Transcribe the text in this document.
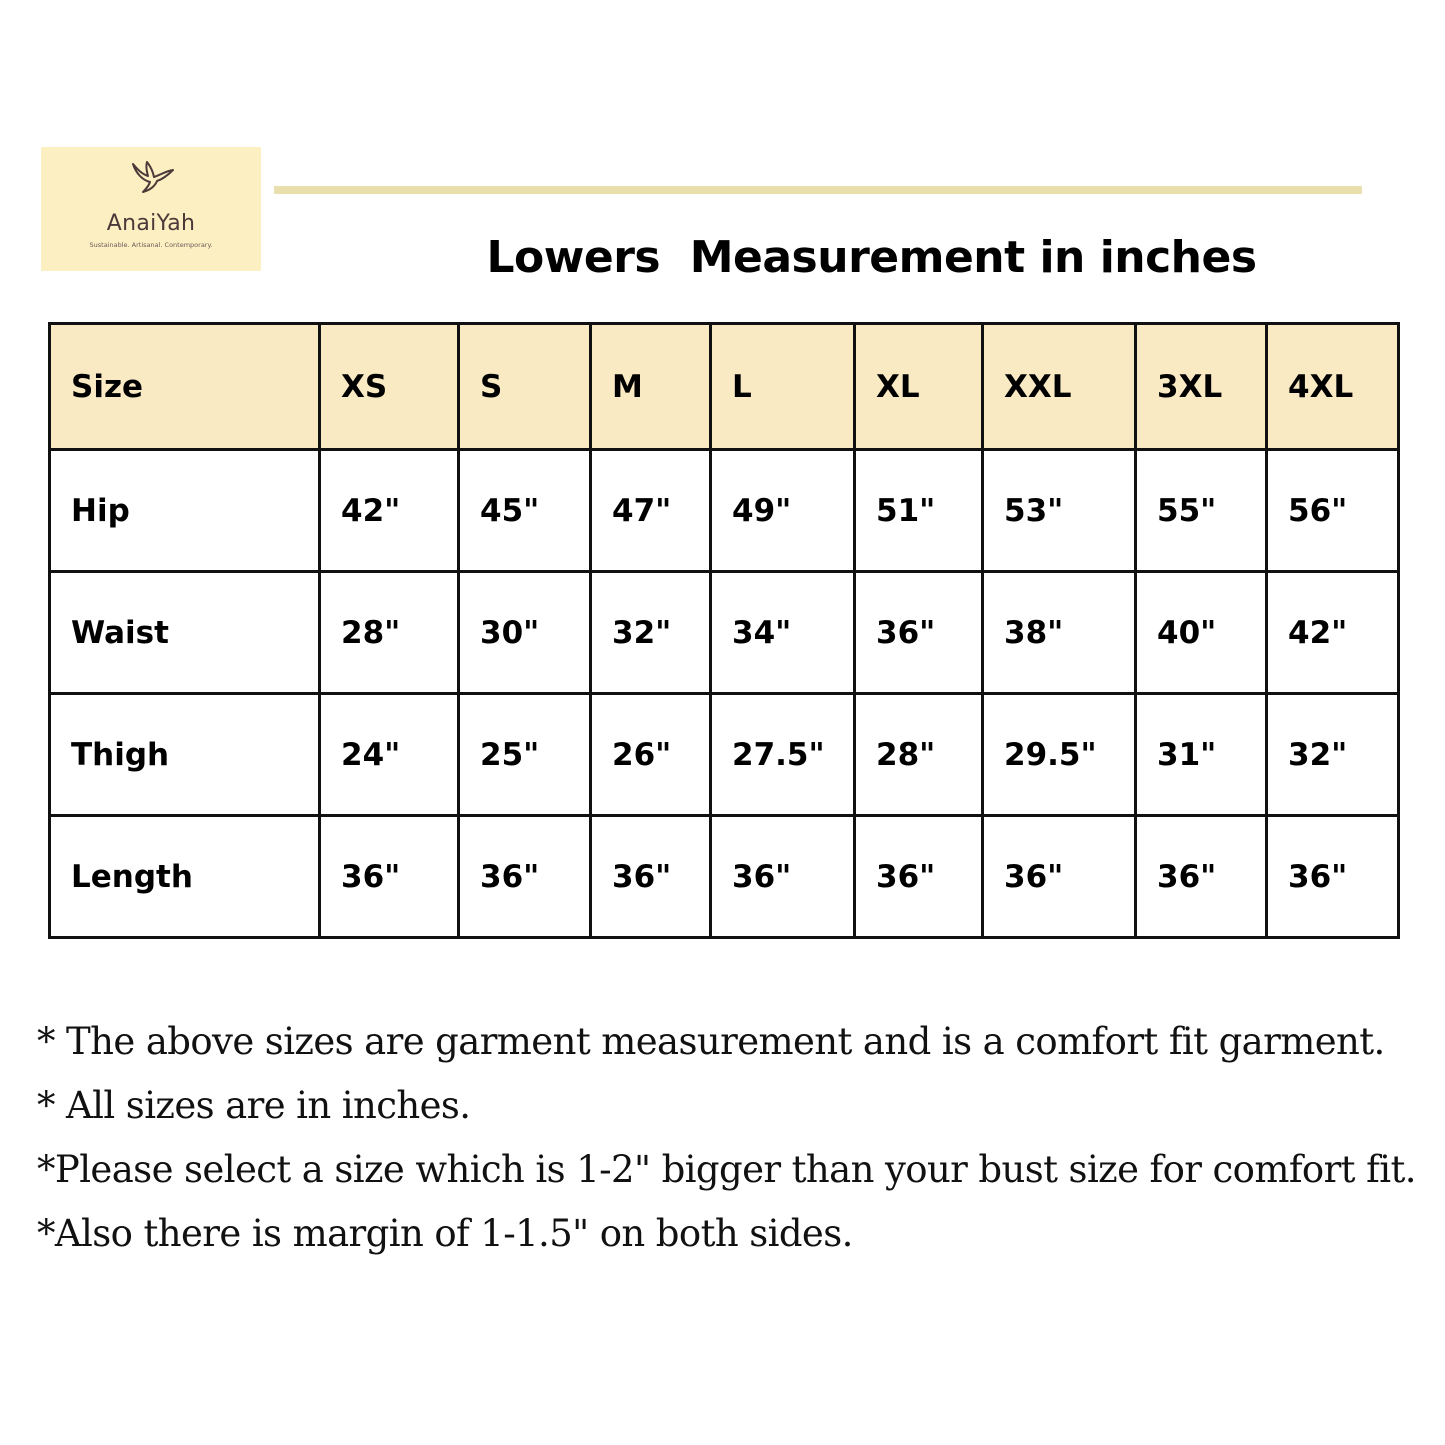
AnaiYah
Sustainable. Artisanal. Contemporary.	Lowers  Measurement in inches
Size	XS	S	M	L	XL	XXL	3XL	4XL
Hip	42"	45"	47"	49"	51"	53"	55"	56"
Waist	28"	30"	32"	34"	36"	38"	40"	42"
Thigh	24"	25"	26"	27.5"	28"	29.5"	31"	32"
Length	36"	36"	36"	36"	36"	36"	36"	36"
* The above sizes are garment measurement and is a comfort fit garment.
* All sizes are in inches.
*Please select a size which is 1-2" bigger than your bust size for comfort fit.
*Also there is margin of 1-1.5" on both sides.
